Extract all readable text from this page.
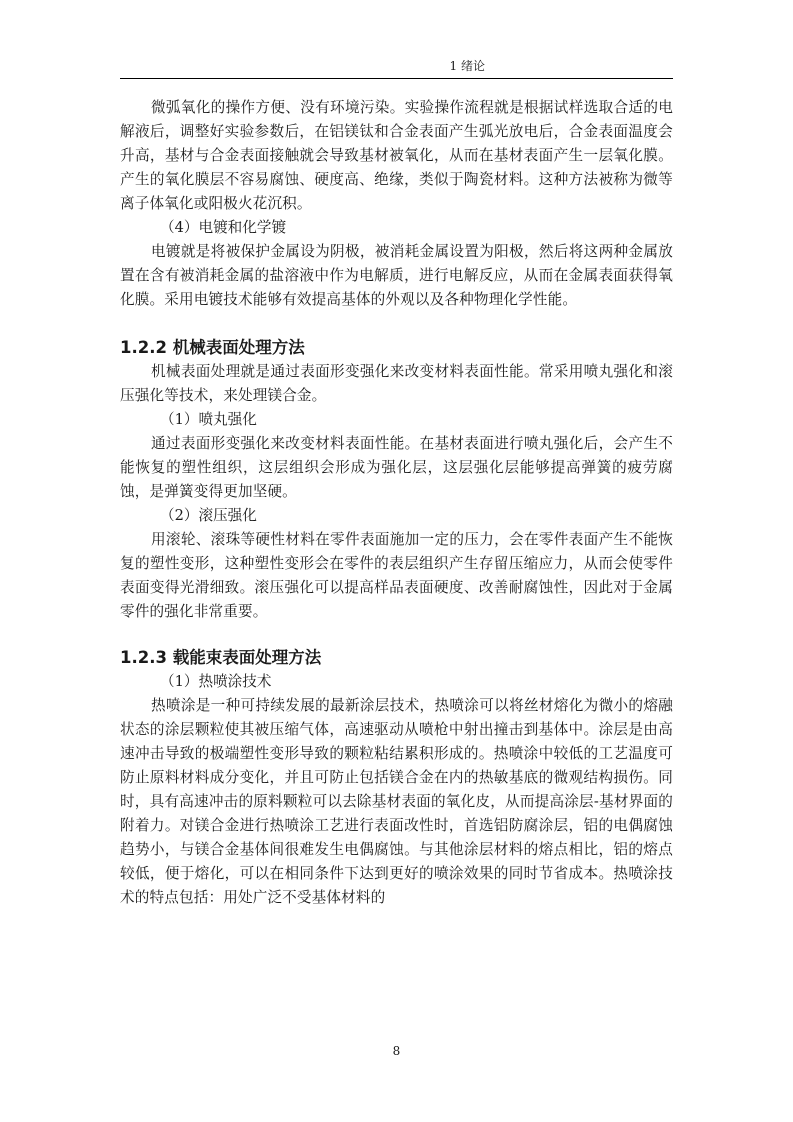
1 绪论

微弧氧化的操作方便、没有环境污染。实验操作流程就是根据试样选取合适的电解液后，调整好实验参数后，在铝镁钛和合金表面产生弧光放电后，合金表面温度会升高，基材与合金表面接触就会导致基材被氧化，从而在基材表面产生一层氧化膜。产生的氧化膜层不容易腐蚀、硬度高、绝缘，类似于陶瓷材料。这种方法被称为微等离子体氧化或阳极火花沉积。

（4）电镀和化学镀

电镀就是将被保护金属设为阴极，被消耗金属设置为阳极，然后将这两种金属放置在含有被消耗金属的盐溶液中作为电解质，进行电解反应，从而在金属表面获得氧化膜。采用电镀技术能够有效提高基体的外观以及各种物理化学性能。

1.2.2 机械表面处理方法

机械表面处理就是通过表面形变强化来改变材料表面性能。常采用喷丸强化和滚压强化等技术，来处理镁合金。

（1）喷丸强化

通过表面形变强化来改变材料表面性能。在基材表面进行喷丸强化后，会产生不能恢复的塑性组织，这层组织会形成为强化层，这层强化层能够提高弹簧的疲劳腐蚀，是弹簧变得更加坚硬。

（2）滚压强化

用滚轮、滚珠等硬性材料在零件表面施加一定的压力，会在零件表面产生不能恢复的塑性变形，这种塑性变形会在零件的表层组织产生存留压缩应力，从而会使零件表面变得光滑细致。滚压强化可以提高样品表面硬度、改善耐腐蚀性，因此对于金属零件的强化非常重要。

1.2.3 载能束表面处理方法

（1）热喷涂技术

热喷涂是一种可持续发展的最新涂层技术，热喷涂可以将丝材熔化为微小的熔融状态的涂层颗粒使其被压缩气体，高速驱动从喷枪中射出撞击到基体中。涂层是由高速冲击导致的极端塑性变形导致的颗粒粘结累积形成的。热喷涂中较低的工艺温度可防止原料材料成分变化，并且可防止包括镁合金在内的热敏基底的微观结构损伤。同时，具有高速冲击的原料颗粒可以去除基材表面的氧化皮，从而提高涂层-基材界面的附着力。对镁合金进行热喷涂工艺进行表面改性时，首选铝防腐涂层，铝的电偶腐蚀趋势小，与镁合金基体间很难发生电偶腐蚀。与其他涂层材料的熔点相比，铝的熔点较低，便于熔化，可以在相同条件下达到更好的喷涂效果的同时节省成本。热喷涂技术的特点包括：用处广泛不受基体材料的

8
